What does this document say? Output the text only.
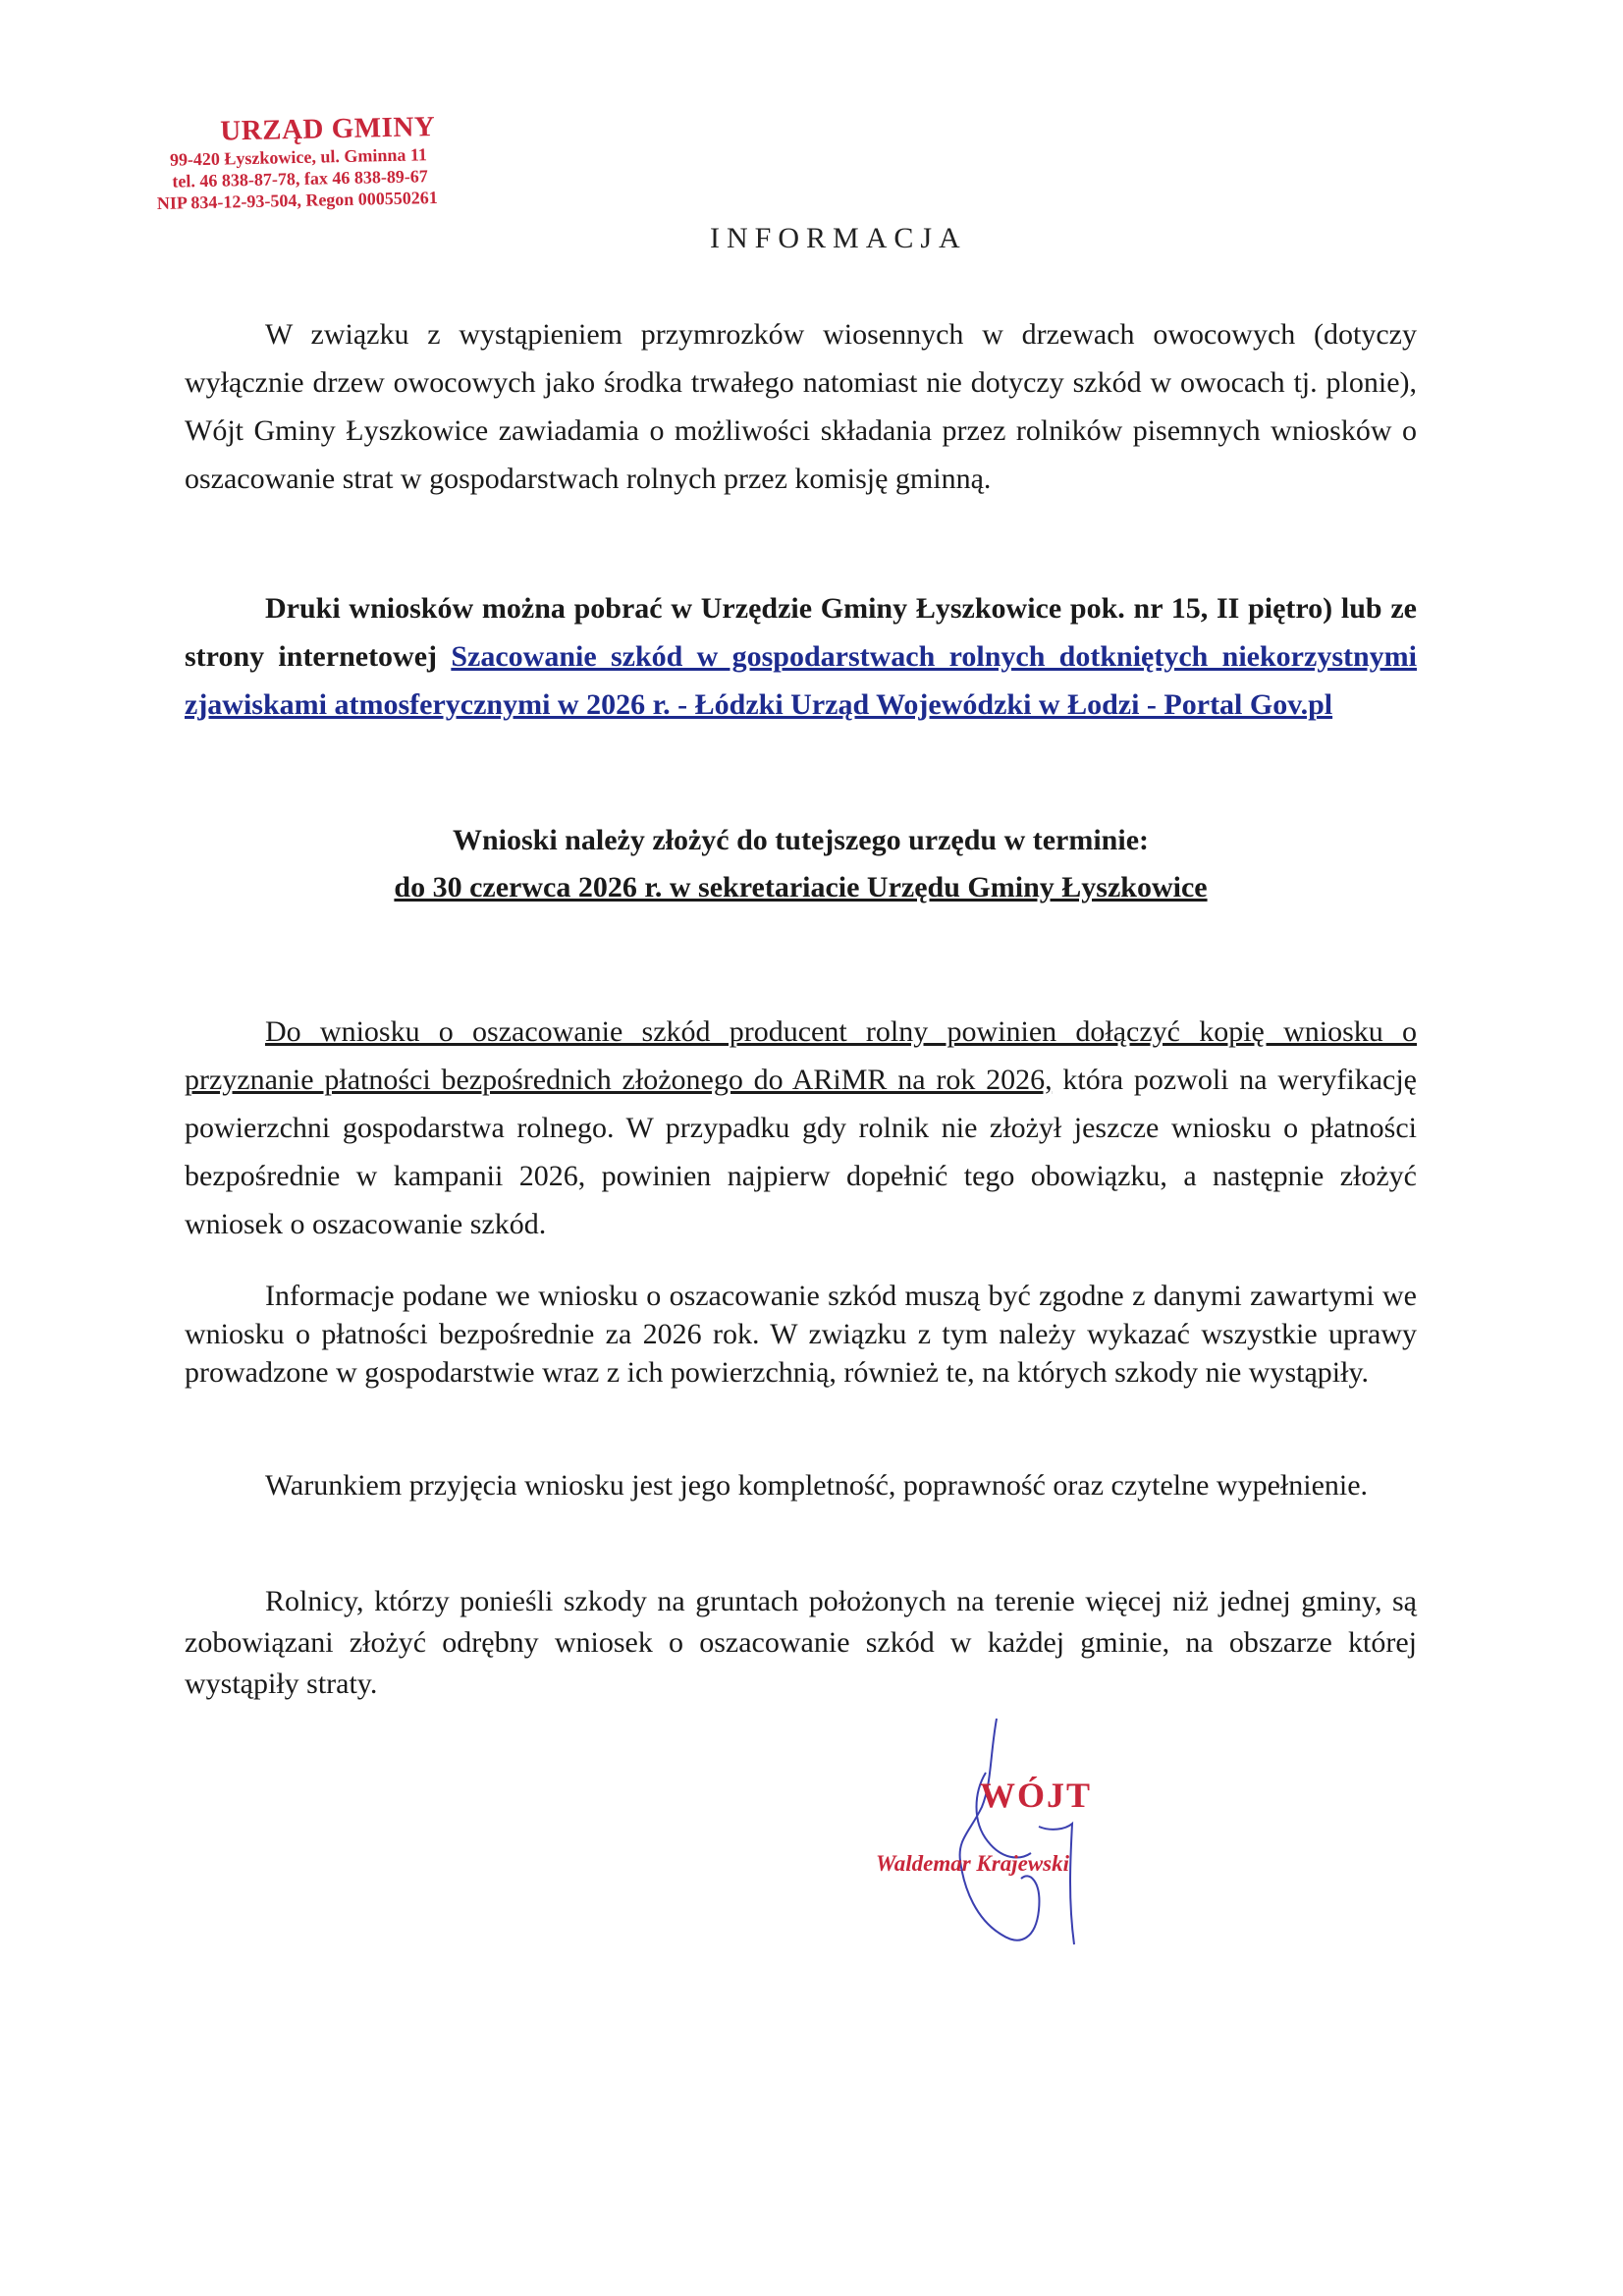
URZĄD GMINY
99-420 Łyszkowice, ul. Gminna 11
tel. 46 838-87-78, fax 46 838-89-67
NIP 834-12-93-504, Regon 000550261
INFORMACJA
W związku z wystąpieniem przymrozków wiosennych w drzewach owocowych (dotyczy wyłącznie drzew owocowych jako środka trwałego natomiast nie dotyczy szkód w owocach tj. plonie), Wójt Gminy Łyszkowice zawiadamia o możliwości składania przez rolników pisemnych wniosków o oszacowanie strat w gospodarstwach rolnych przez komisję gminną.
Druki wniosków można pobrać w Urzędzie Gminy Łyszkowice pok. nr 15, II piętro) lub ze strony internetowej Szacowanie szkód w gospodarstwach rolnych dotkniętych niekorzystnymi zjawiskami atmosferycznymi w 2026 r. - Łódzki Urząd Wojewódzki w Łodzi - Portal Gov.pl
Wnioski należy złożyć do tutejszego urzędu w terminie:
do 30 czerwca 2026 r. w sekretariacie Urzędu Gminy Łyszkowice
Do wniosku o oszacowanie szkód producent rolny powinien dołączyć kopię wniosku o przyznanie płatności bezpośrednich złożonego do ARiMR na rok 2026, która pozwoli na weryfikację powierzchni gospodarstwa rolnego. W przypadku gdy rolnik nie złożył jeszcze wniosku o płatności bezpośrednie w kampanii 2026, powinien najpierw dopełnić tego obowiązku, a następnie złożyć wniosek o oszacowanie szkód.
Informacje podane we wniosku o oszacowanie szkód muszą być zgodne z danymi zawartymi we wniosku o płatności bezpośrednie za 2026 rok. W związku z tym należy wykazać wszystkie uprawy prowadzone w gospodarstwie wraz z ich powierzchnią, również te, na których szkody nie wystąpiły.
Warunkiem przyjęcia wniosku jest jego kompletność, poprawność oraz czytelne wypełnienie.
Rolnicy, którzy ponieśli szkody na gruntach położonych na terenie więcej niż jednej gminy, są zobowiązani złożyć odrębny wniosek o oszacowanie szkód w każdej gminie, na obszarze której wystąpiły straty.
WÓJT
Waldemar Krajewski
